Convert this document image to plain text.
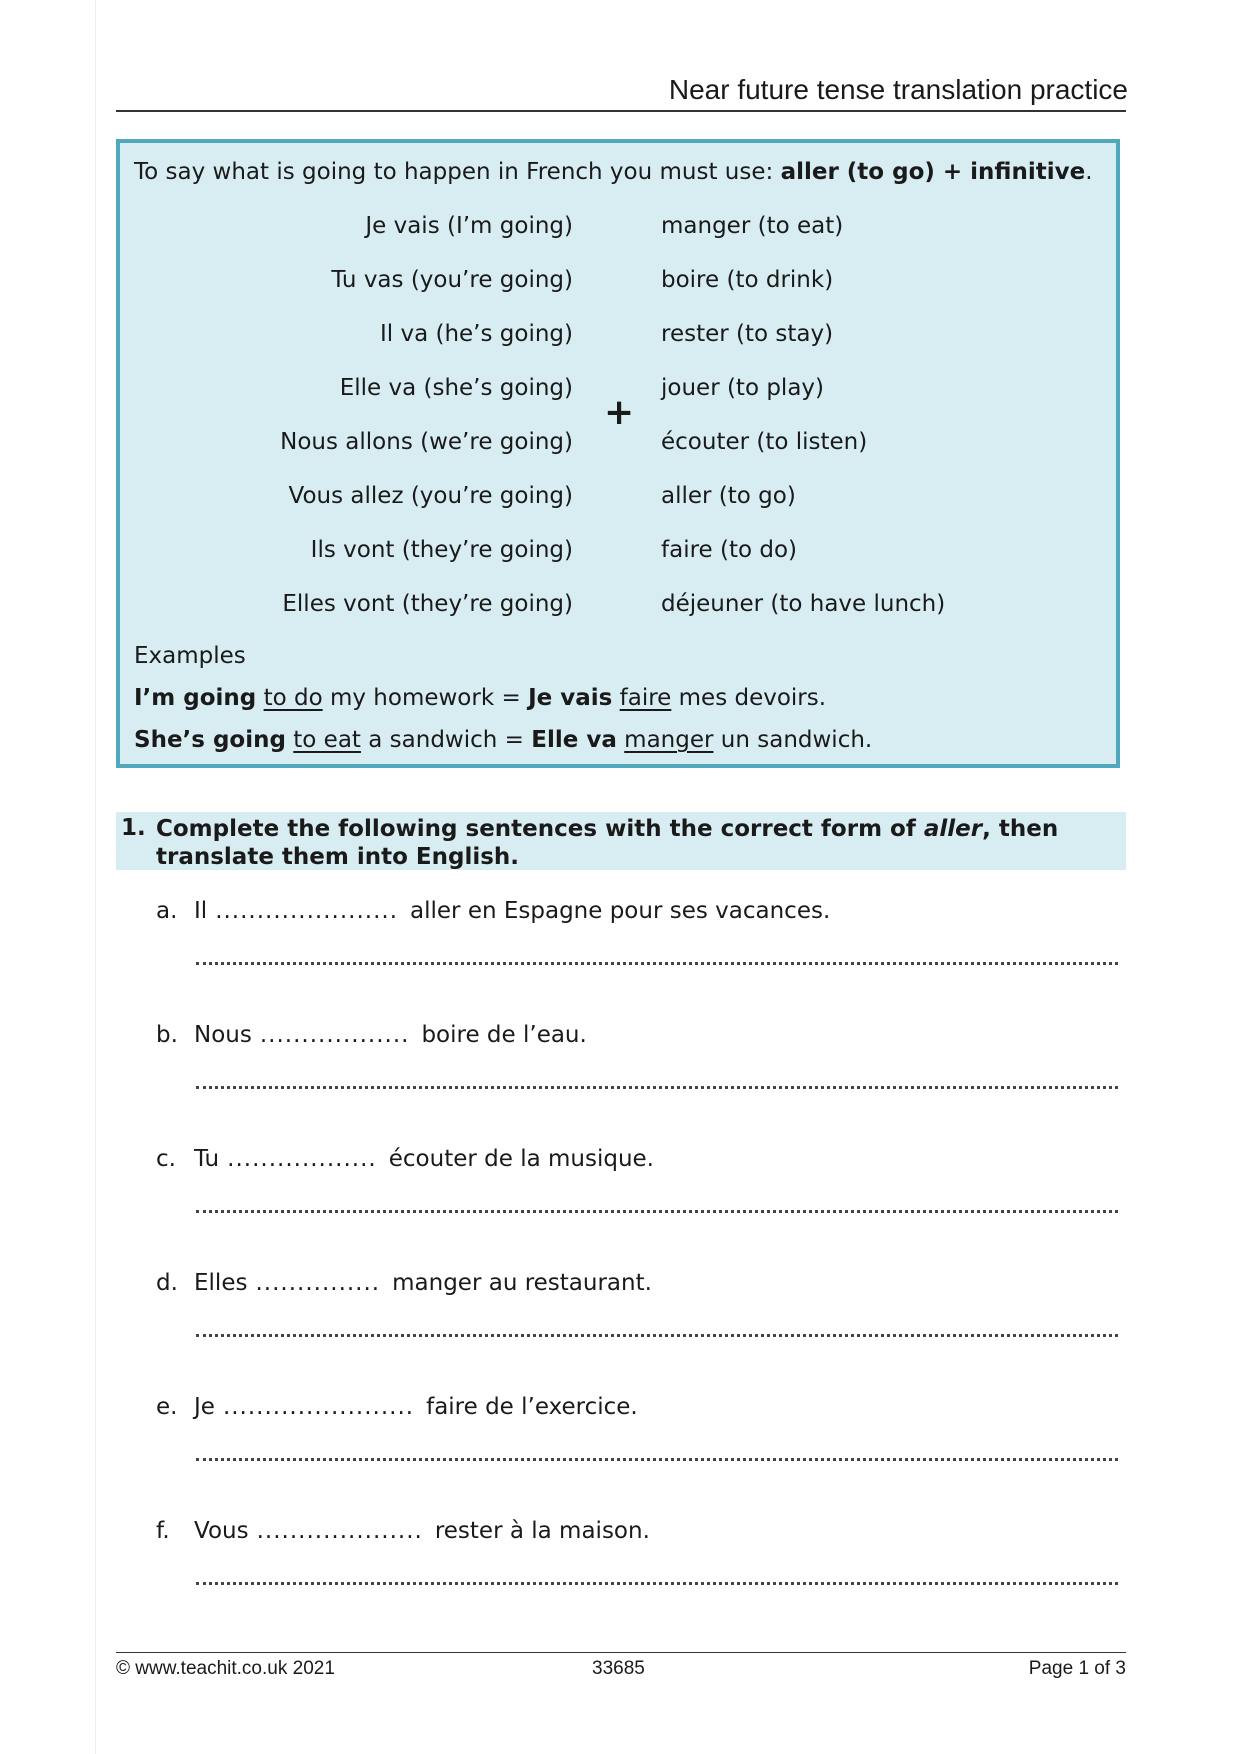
Near future tense translation practice
To say what is going to happen in French you must use: aller (to go) + infinitive.
Je vais (I’m going)
Tu vas (you’re going)
Il va (he’s going)
Elle va (she’s going)
Nous allons (we’re going)
Vous allez (you’re going)
Ils vont (they’re going)
Elles vont (they’re going)
+
manger (to eat)
boire (to drink)
rester (to stay)
jouer (to play)
écouter (to listen)
aller (to go)
faire (to do)
déjeuner (to have lunch)
Examples
I’m going to do my homework = Je vais faire mes devoirs.
She’s going to eat a sandwich = Elle va manger un sandwich.
1. Complete the following sentences with the correct form of aller, then translate them into English.
a. Il ...................... aller en Espagne pour ses vacances.
b. Nous .................. boire de l’eau.
c. Tu .................. écouter de la musique.
d. Elles ............... manger au restaurant.
e. Je ....................... faire de l’exercice.
f. Vous .................... rester à la maison.
© www.teachit.co.uk 2021	33685	Page 1 of 3
